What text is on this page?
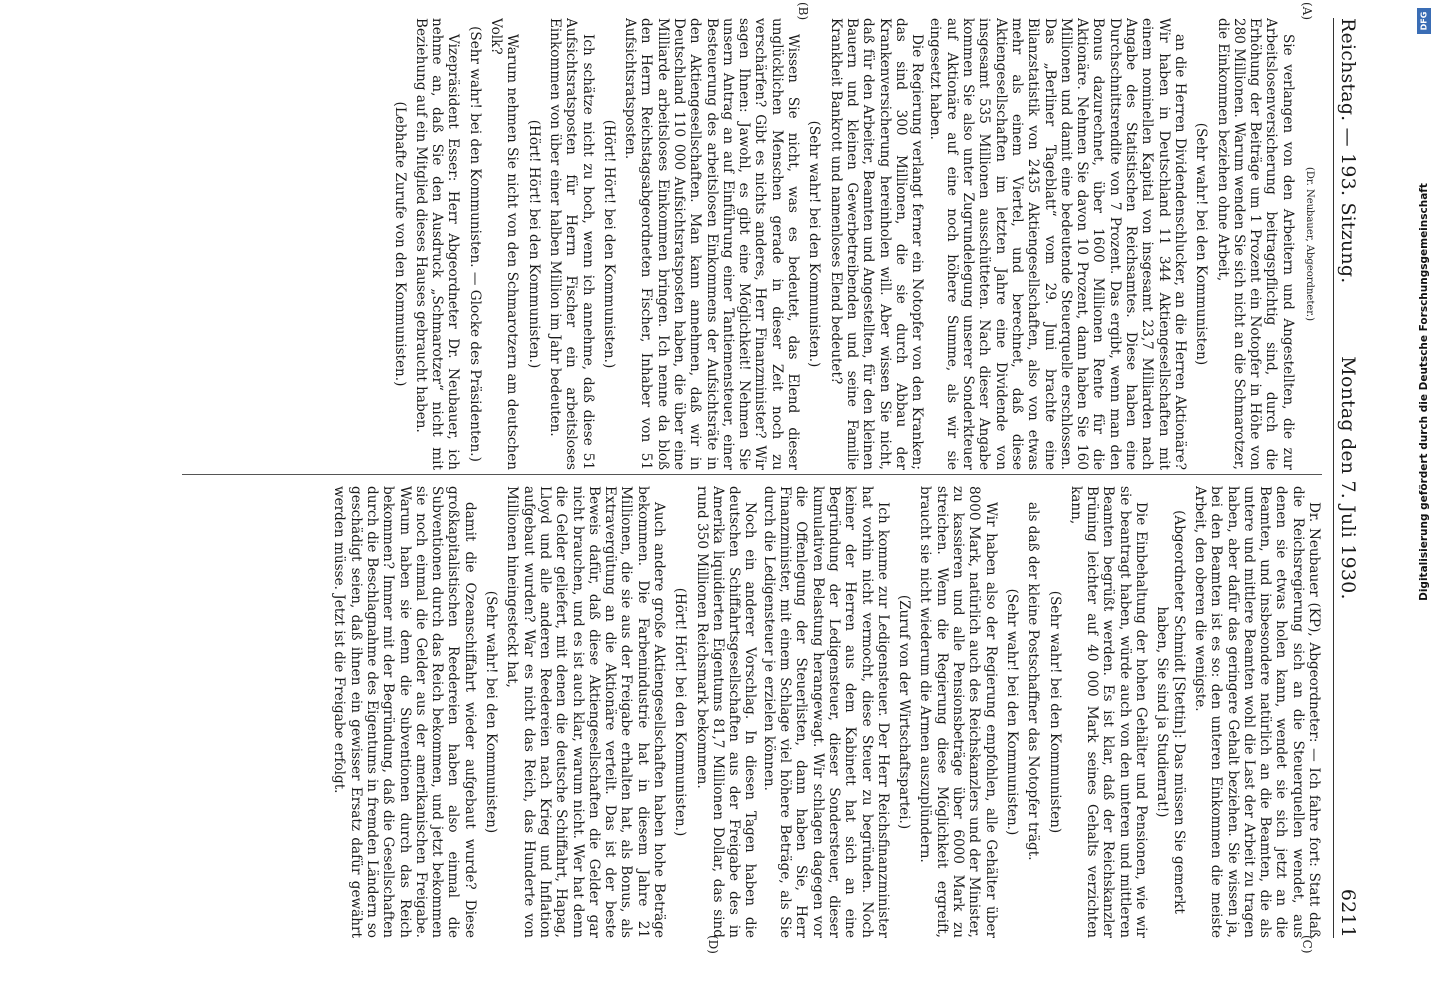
Reichstag. — 193. Sitzung.
Montag den 7. Juli 1930.
6211
(A)
(B)
(C)
(D)

(Dr. Neubauer, Abgeordneter.)

Sie verlangen von den Arbeitern und Angestellten, die zur Arbeitslosenversicherung beitragspflichtig sind, durch die Erhöhung der Beiträge um 1 Prozent ein Notopfer in Höhe von 280 Millionen. Warum wenden Sie sich nicht an die Schmarotzer, die Einkommen beziehen ohne Arbeit,

(Sehr wahr! bei den Kommunisten)

an die Herren Dividendenschlucker, an die Herren Aktionäre? Wir haben in Deutschland 11 344 Aktiengesellschaften mit einem nominellen Kapital von insgesamt 23,7 Milliarden nach Angabe des Statistischen Reichsamtes. Diese haben eine Durchschnittsrendite von 7 Prozent. Das ergibt, wenn man den Bonus dazurechnet, über 1600 Millionen Rente für die Aktionäre. Nehmen Sie davon 10 Prozent, dann haben Sie 160 Millionen und damit eine bedeutende Steuerquelle erschlossen. Das „Berliner Tageblatt“ vom 29. Juni brachte eine Bilanzstatistik von 2435 Aktiengesellschaften, also von etwas mehr als einem Viertel, und berechnet, daß diese Aktiengesellschaften im letzten Jahre eine Dividende von insgesamt 535 Millionen ausschütteten. Nach dieser Angabe kommen Sie also unter Zugrundelegung unserer Sonderkteuer auf Aktionäre auf eine noch höhere Summe, als wir sie eingesetzt haben.

Die Regierung verlangt ferner ein Notopfer von den Kranken; das sind 300 Millionen, die sie durch Abbau der Krankenversicherung hereinholen will. Aber wissen Sie nicht, daß für den Arbeiter, Beamten und Angestellten, für den kleinen Bauern und kleinen Gewerbetreibenden und seine Familie Krankheit Bankrott und namenloses Elend bedeutet?

(Sehr wahr! bei den Kommunisten.)

Wissen Sie nicht, was es bedeutet, das Elend dieser unglücklichen Menschen gerade in dieser Zeit noch zu verschärfen? Gibt es nichts anderes, Herr Finanzminister? Wir sagen Ihnen: Jawohl, es gibt eine Möglichkeit! Nehmen Sie unsern Antrag an auf Einführung einer Tantiemensteuer, einer Besteuerung des arbeitslosen Einkommens der Aufsichtsräte in den Aktiengesellschaften. Man kann annehmen, daß wir in Deutschland 110 000 Aufsichtsratsposten haben, die über eine Milliarde arbeitsloses Einkommen bringen. Ich nenne da bloß den Herrn Reichstagsabgeordneten Fischer, Inhaber von 51 Aufsichtsratsposten.

(Hört! Hört! bei den Kommunisten.)

Ich schätze nicht zu hoch, wenn ich annehme, daß diese 51 Aufsichtsratsposten für Herrn Fischer ein arbeitsloses Einkommen von über einer halben Million im Jahr bedeuten.

(Hört! Hört! bei den Kommunisten.)

Warum nehmen Sie nicht von den Schmarotzern am deutschen Volk?

(Sehr wahr! bei den Kommunisten. — Glocke des Präsidenten.)

Vizepräsident Esser: Herr Abgeordneter Dr. Neubauer, ich nehme an, daß Sie den Ausdruck „Schmarotzer“ nicht mit Beziehung auf ein Mitglied dieses Hauses gebraucht haben.

(Lebhafte Zurufe von den Kommunisten.)

Dr. Neubauer (KP), Abgeordneter: — Ich fahre fort: Statt daß die Reichsregierung sich an die Steuerquellen wendet, aus denen sie etwas holen kann, wendet sie sich jetzt an die Beamten, und insbesondere natürlich an die Beamten, die als untere und mittlere Beamten wohl die Last der Arbeit zu tragen haben, aber dafür das geringere Gehalt beziehen. Sie wissen ja, bei den Beamten ist es so: den unteren Einkommen die meiste Arbeit, den oberen die wenigste.

(Abgeordneter Schmidt [Stettin]: Das müssen Sie gemerkt haben, Sie sind ja Studienrat!)

Die Einbehaltung der hohen Gehälter und Pensionen, wie wir sie beantragt haben, würde auch von den unteren und mittleren Beamten begrüßt werden. Es ist klar, daß der Reichskanzler Brüning leichter auf 40 000 Mark seines Gehalts verzichten kann,

(Sehr wahr! bei den Kommunisten)

als daß der kleine Postschaffner das Notopfer trägt.

(Sehr wahr! bei den Kommunisten.)

Wir haben also der Regierung empfohlen, alle Gehälter über 8000 Mark, natürlich auch des Reichskanzlers und der Minister, zu kassieren und alle Pensionsbeträge über 6000 Mark zu streichen. Wenn die Regierung diese Möglichkeit ergreift, braucht sie nicht wiederum die Armen auszuplündern.

(Zuruf von der Wirtschaftspartei.)

Ich komme zur Ledigensteuer. Der Herr Reichsfinanzminister hat vorhin nicht vermocht, diese Steuer zu begründen. Noch keiner der Herren aus dem Kabinett hat sich an eine Begründung der Ledigensteuer, dieser Sondersteuer, dieser kumulativen Belastung herangewagt. Wir schlagen dagegen vor die Offenlegung der Steuerlisten, dann haben Sie, Herr Finanzminister, mit einem Schlage viel höhere Beträge, als Sie durch die Ledigensteuer je erzielen können.

Noch ein anderer Vorschlag. In diesen Tagen haben die deutschen Schiffahrtsgesellschaften aus der Freigabe des in Amerika liquidierten Eigentums 81,7 Millionen Dollar, das sind rund 350 Millionen Reichsmark bekommen.

(Hört! Hört! bei den Kommunisten.)

Auch andere große Aktiengesellschaften haben hohe Beträge bekommen. Die Farbenindustrie hat in diesem Jahre 21 Millionen, die sie aus der Freigabe erhalten hat, als Bonus, als Extravergütung an die Aktionäre verteilt. Das ist der beste Beweis dafür, daß diese Aktiengesellschaften die Gelder gar nicht brauchen, und es ist auch klar, warum nicht. Wer hat denn die Gelder geliefert, mit denen die deutsche Schiffahrt, Hapag, Lloyd und alle anderen Reedereien nach Krieg und Inflation aufgebaut wurden? War es nicht das Reich, das Hunderte von Millionen hineingesteckt hat,

(Sehr wahr! bei den Kommunisten)

damit die Ozeanschiffahrt wieder aufgebaut wurde? Diese großkapitalistischen Reedereien haben also einmal die Subventionen durch das Reich bekommen, und jetzt bekommen sie noch einmal die Gelder aus der amerikanischen Freigabe. Warum haben sie denn die Subventionen durch das Reich bekommen? Immer mit der Begründung, daß die Gesellschaften durch die Beschlagnahme des Eigentums in fremden Ländern so geschädigt seien, daß ihnen ein gewisser Ersatz dafür gewährt werden müsse. Jetzt ist die Freigabe erfolgt.

DFG
Digitalisierung gefördert durch die Deutsche Forschungsgemeinschaft
